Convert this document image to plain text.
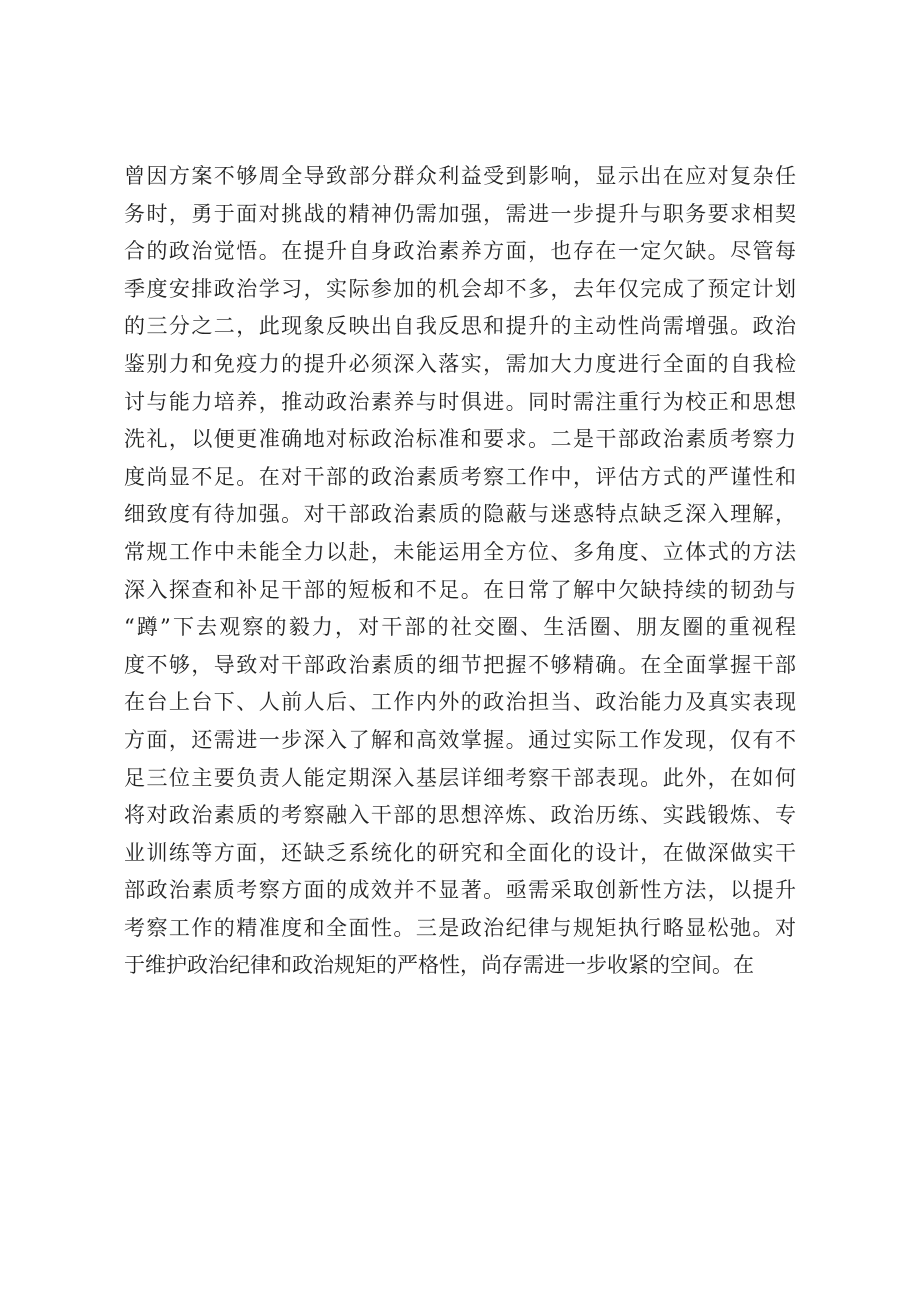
曾因方案不够周全导致部分群众利益受到影响，显示出在应对复杂任
务时，勇于面对挑战的精神仍需加强，需进一步提升与职务要求相契
合的政治觉悟。在提升自身政治素养方面，也存在一定欠缺。尽管每
季度安排政治学习，实际参加的机会却不多，去年仅完成了预定计划
的三分之二，此现象反映出自我反思和提升的主动性尚需增强。政治
鉴别力和免疫力的提升必须深入落实，需加大力度进行全面的自我检
讨与能力培养，推动政治素养与时俱进。同时需注重行为校正和思想
洗礼，以便更准确地对标政治标准和要求。二是干部政治素质考察力
度尚显不足。在对干部的政治素质考察工作中，评估方式的严谨性和
细致度有待加强。对干部政治素质的隐蔽与迷惑特点缺乏深入理解，
常规工作中未能全力以赴，未能运用全方位、多角度、立体式的方法
深入探查和补足干部的短板和不足。在日常了解中欠缺持续的韧劲与
“蹲”下去观察的毅力，对干部的社交圈、生活圈、朋友圈的重视程
度不够，导致对干部政治素质的细节把握不够精确。在全面掌握干部
在台上台下、人前人后、工作内外的政治担当、政治能力及真实表现
方面，还需进一步深入了解和高效掌握。通过实际工作发现，仅有不
足三位主要负责人能定期深入基层详细考察干部表现。此外，在如何
将对政治素质的考察融入干部的思想淬炼、政治历练、实践锻炼、专
业训练等方面，还缺乏系统化的研究和全面化的设计，在做深做实干
部政治素质考察方面的成效并不显著。亟需采取创新性方法，以提升
考察工作的精准度和全面性。三是政治纪律与规矩执行略显松弛。对
于维护政治纪律和政治规矩的严格性，尚存需进一步收紧的空间。在
